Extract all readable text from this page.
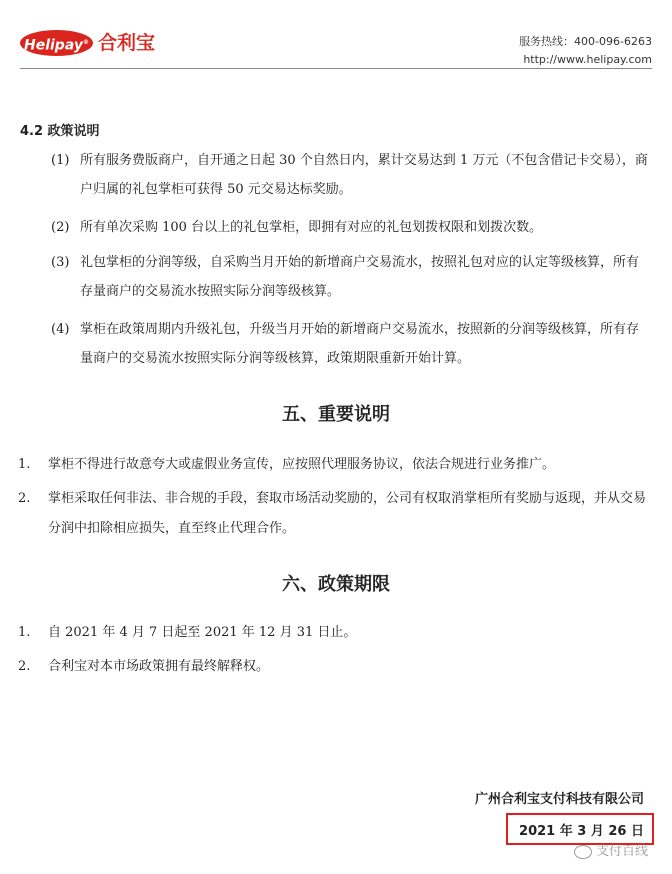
Helipay® 合利宝	服务热线：400-096-6263
http://www.helipay.com
4.2 政策说明
(1) 所有服务费版商户，自开通之日起 30 个自然日内，累计交易达到 1 万元（不包含借记卡交易），商户归属的礼包掌柜可获得 50 元交易达标奖励。
(2) 所有单次采购 100 台以上的礼包掌柜，即拥有对应的礼包划拨权限和划拨次数。
(3) 礼包掌柜的分润等级，自采购当月开始的新增商户交易流水，按照礼包对应的认定等级核算，所有存量商户的交易流水按照实际分润等级核算。
(4) 掌柜在政策周期内升级礼包，升级当月开始的新增商户交易流水，按照新的分润等级核算，所有存量商户的交易流水按照实际分润等级核算，政策期限重新开始计算。
五、重要说明
1. 掌柜不得进行故意夸大或虚假业务宣传，应按照代理服务协议，依法合规进行业务推广。
2. 掌柜采取任何非法、非合规的手段，套取市场活动奖励的，公司有权取消掌柜所有奖励与返现，并从交易分润中扣除相应损失，直至终止代理合作。
六、政策期限
1. 自 2021 年 4 月 7 日起至 2021 年 12 月 31 日止。
2. 合利宝对本市场政策拥有最终解释权。
广州合利宝支付科技有限公司
2021 年 3 月 26 日
支付百线
